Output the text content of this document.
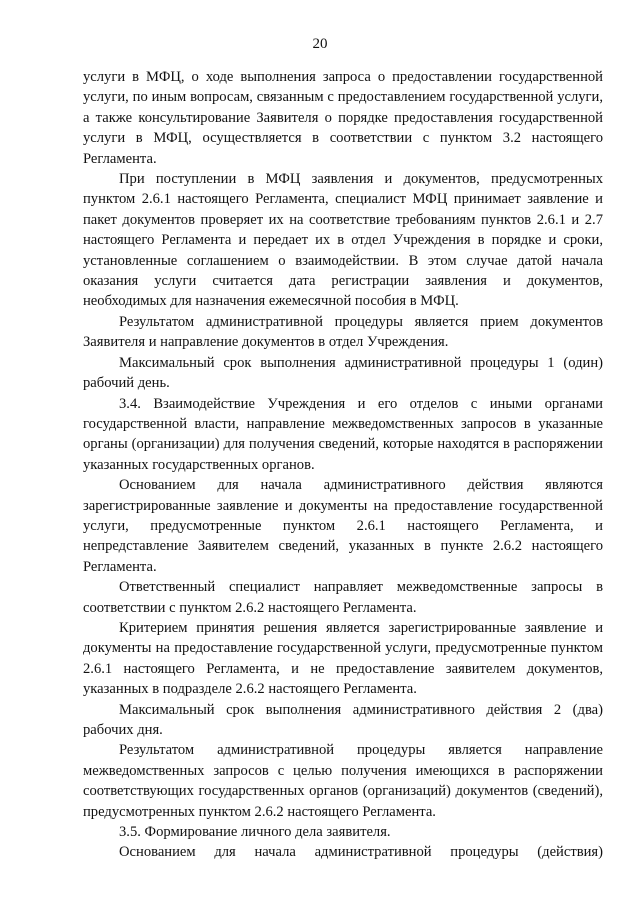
20

услуги в МФЦ, о ходе выполнения запроса о предоставлении государственной услуги, по иным вопросам, связанным с предоставлением государственной услуги, а также консультирование Заявителя о порядке предоставления государственной услуги в МФЦ, осуществляется в соответствии с пунктом 3.2 настоящего Регламента.

При поступлении в МФЦ заявления и документов, предусмотренных пунктом 2.6.1 настоящего Регламента, специалист МФЦ принимает заявление и пакет документов проверяет их на соответствие требованиям пунктов 2.6.1 и 2.7 настоящего Регламента и передает их в отдел Учреждения в порядке и сроки, установленные соглашением о взаимодействии. В этом случае датой начала оказания услуги считается дата регистрации заявления и документов, необходимых для назначения ежемесячной пособия в МФЦ.

Результатом административной процедуры является прием документов Заявителя и направление документов в отдел Учреждения.

Максимальный срок выполнения административной процедуры 1 (один) рабочий день.

3.4. Взаимодействие Учреждения и его отделов с иными органами государственной власти, направление межведомственных запросов в указанные органы (организации) для получения сведений, которые находятся в распоряжении указанных государственных органов.

Основанием для начала административного действия являются зарегистрированные заявление и документы на предоставление государственной услуги, предусмотренные пунктом 2.6.1 настоящего Регламента, и непредставление Заявителем сведений, указанных в пункте 2.6.2 настоящего Регламента.

Ответственный специалист направляет межведомственные запросы в соответствии с пунктом 2.6.2 настоящего Регламента.

Критерием принятия решения является зарегистрированные заявление и документы на предоставление государственной услуги, предусмотренные пунктом 2.6.1 настоящего Регламента, и не предоставление заявителем документов, указанных в подразделе 2.6.2 настоящего Регламента.

Максимальный срок выполнения административного действия 2 (два) рабочих дня.

Результатом административной процедуры является направление межведомственных запросов с целью получения имеющихся в распоряжении соответствующих государственных органов (организаций) документов (сведений), предусмотренных пунктом 2.6.2 настоящего Регламента.

3.5. Формирование личного дела заявителя.

Основанием для начала административной процедуры (действия)
